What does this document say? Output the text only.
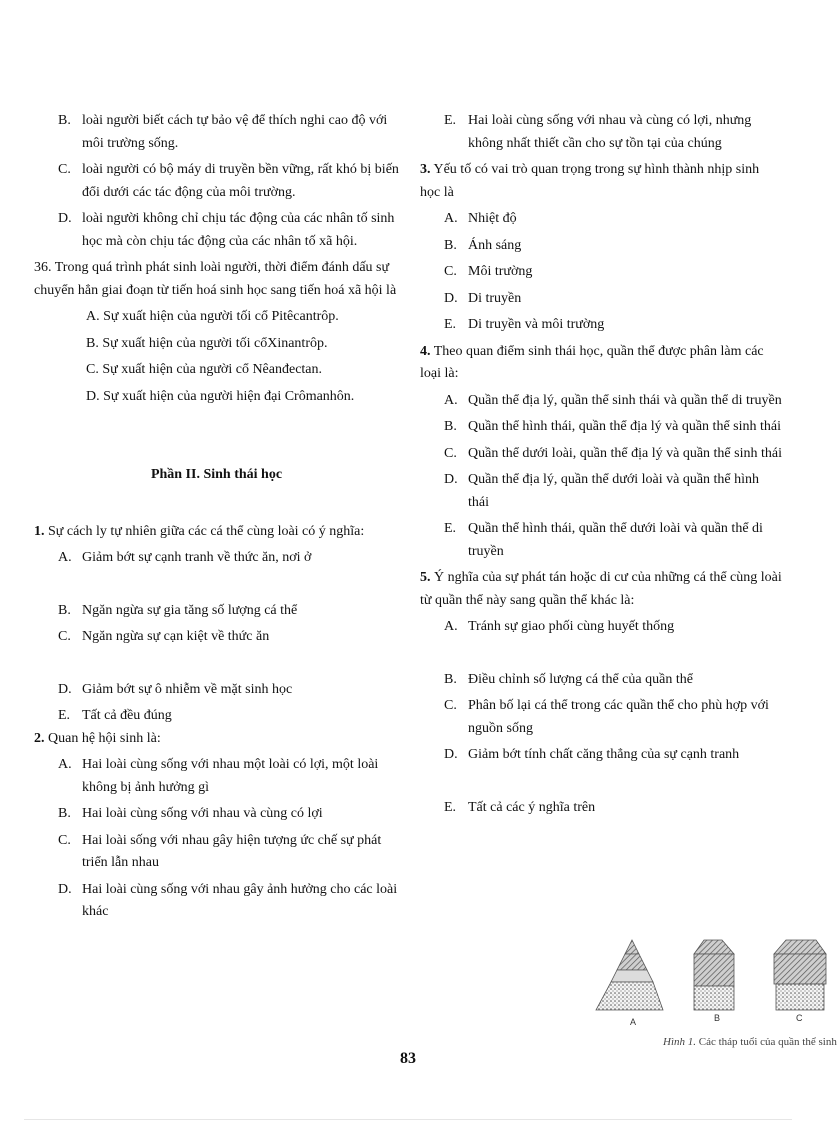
B. loài người biết cách tự bảo vệ để thích nghi cao độ với môi trường sống.
C. loài người có bộ máy di truyền bền vững, rất khó bị biến đổi dưới các tác động của môi trường.
D. loài người không chỉ chịu tác động của các nhân tố sinh học mà còn chịu tác động của các nhân tố xã hội.

36. Trong quá trình phát sinh loài người, thời điểm đánh dấu sự chuyển hẳn giai đoạn từ tiến hoá sinh học sang tiến hoá xã hội là

A. Sự xuất hiện của người tối cổ Pitêcantrôp.
B. Sự xuất hiện của người tối cổXinantrôp.
C. Sự xuất hiện của người cổ Nêanđectan.
D. Sự xuất hiện của người hiện đại Crômanhôn.
Phần II. Sinh thái học

1. Sự cách ly tự nhiên giữa các cá thể cùng loài có ý nghĩa:

A. Giảm bớt sự cạnh tranh về thức ăn, nơi ở
B. Ngăn ngừa sự gia tăng số lượng cá thể
C. Ngăn ngừa sự cạn kiệt về thức ăn
D. Giảm bớt sự ô nhiễm về mặt sinh học
E. Tất cả đều đúng

2. Quan hệ hội sinh là:

A. Hai loài cùng sống với nhau một loài có lợi, một loài không bị ảnh hưởng gì
B. Hai loài cùng sống với nhau và cùng có lợi
C. Hai loài sống với nhau gây hiện tượng ức chế sự phát triển lẫn nhau
D. Hai loài cùng sống với nhau gây ảnh hưởng cho các loài khác
E. Hai loài cùng sống với nhau và cùng có lợi, nhưng không nhất thiết cần cho sự tồn tại của chúng

3. Yếu tố có vai trò quan trọng trong sự hình thành nhịp sinh học là

A. Nhiệt độ
B. Ánh sáng
C. Môi trường
D. Di truyền
E. Di truyền và môi trường

4. Theo quan điểm sinh thái học, quần thể được phân làm các loại là:

A. Quần thể địa lý, quần thể sinh thái và quần thể di truyền
B. Quần thể hình thái, quần thể địa lý và quần thể sinh thái
C. Quần thể dưới loài, quần thể địa lý và quần thể sinh thái
D. Quần thể địa lý, quần thể dưới loài và quần thể hình thái
E. Quần thể hình thái, quần thể dưới loài và quần thể di truyền

5. Ý nghĩa của sự phát tán hoặc di cư của những cá thể cùng loài từ quần thể này sang quần thể khác là:

A. Tránh sự giao phối cùng huyết thống
B. Điều chỉnh số lượng cá thể của quần thể
C. Phân bố lại cá thể trong các quần thể cho phù hợp với nguồn sống
D. Giảm bớt tính chất căng thẳng của sự cạnh tranh
E. Tất cả các ý nghĩa trên
A	B	C
Hình 1. Các tháp tuổi của quần thể sinh
83
